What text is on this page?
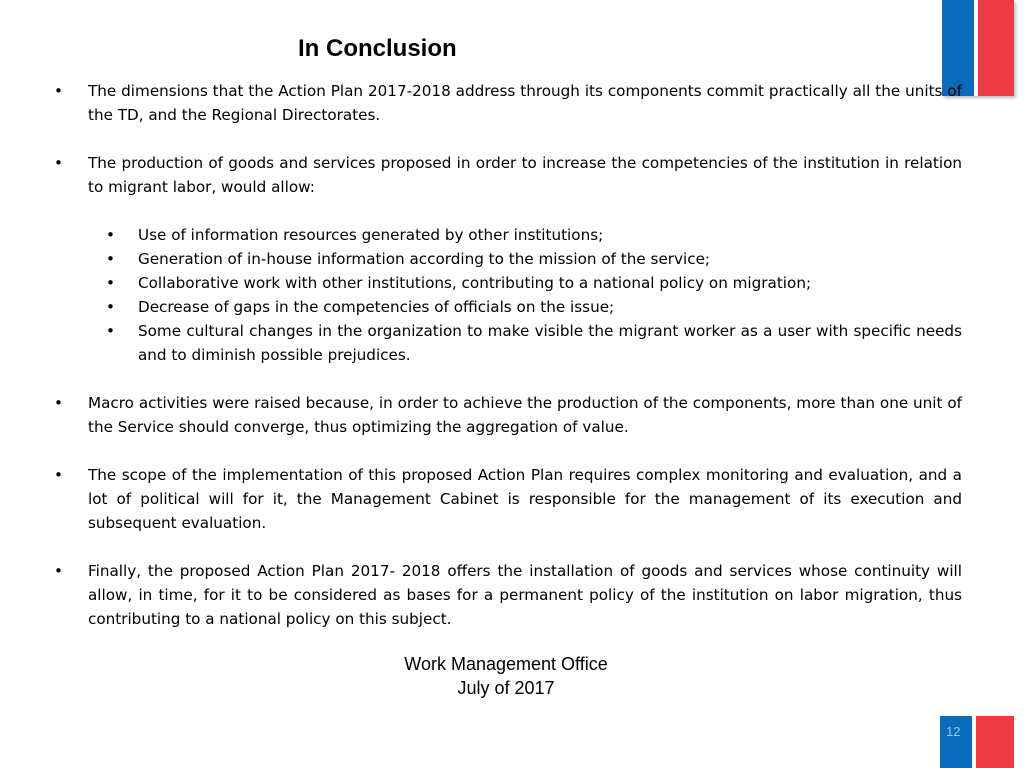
In Conclusion
•	The dimensions that the Action Plan 2017-2018 address through its components commit practically all the units of the TD, and the Regional Directorates.
•	The production of goods and services proposed in order to increase the competencies of the institution in relation to migrant labor, would allow:
•	Use of information resources generated by other institutions;
•	Generation of in-house information according to the mission of the service;
•	Collaborative work with other institutions, contributing to a national policy on migration;
•	Decrease of gaps in the competencies of officials on the issue;
•	Some cultural changes in the organization to make visible the migrant worker as a user with specific needs and to diminish possible prejudices.
•	Macro activities were raised because, in order to achieve the production of the components, more than one unit of the Service should converge, thus optimizing the aggregation of value.
•	The scope of the implementation of this proposed Action Plan requires complex monitoring and evaluation, and a lot of political will for it, the Management Cabinet is responsible for the management of its execution and subsequent evaluation.
•	Finally, the proposed Action Plan 2017- 2018 offers the installation of goods and services whose continuity will allow, in time, for it to be considered as bases for a permanent policy of the institution on labor migration, thus contributing to a national policy on this subject.
Work Management Office
July of 2017
12
